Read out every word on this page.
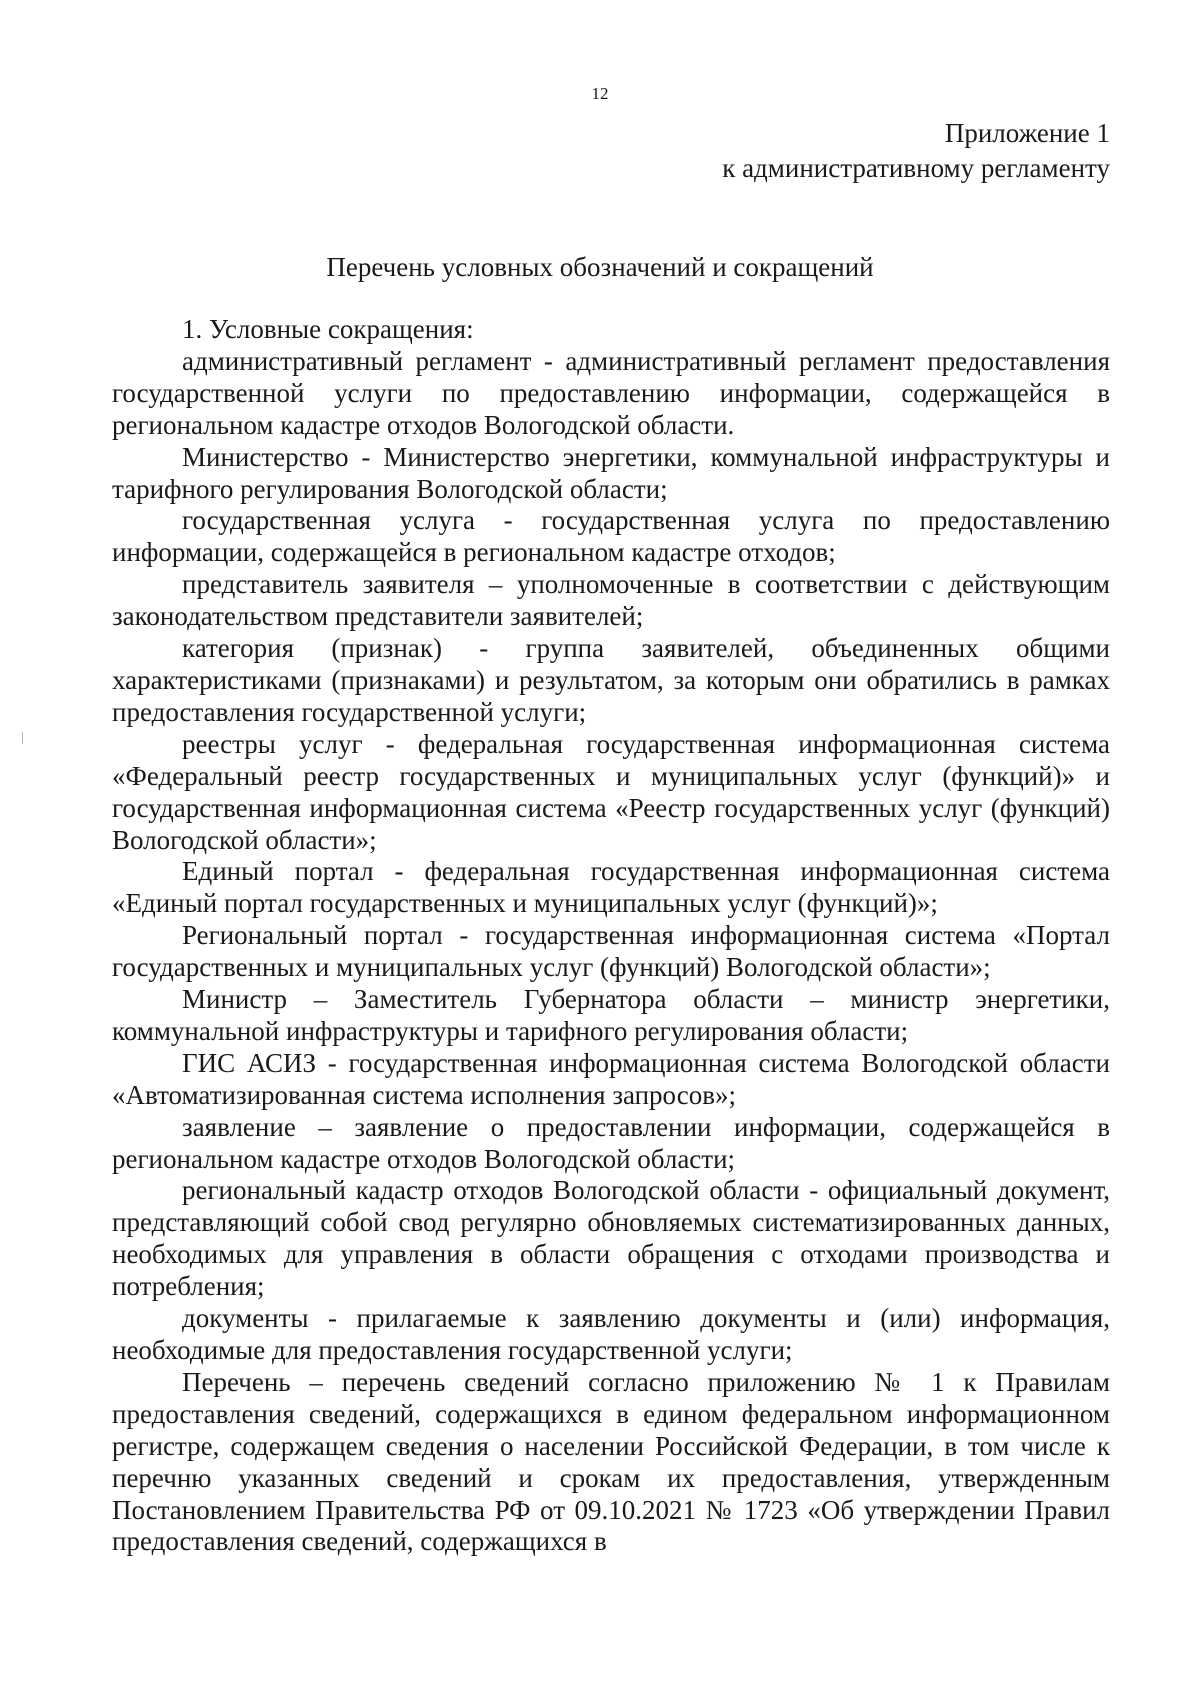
12
Приложение 1
к административному регламенту
Перечень условных обозначений и сокращений

1. Условные сокращения:

административный регламент - административный регламент предоставления государственной услуги по предоставлению информации, содержащейся в региональном кадастре отходов Вологодской области.

Министерство - Министерство энергетики, коммунальной инфраструктуры и тарифного регулирования Вологодской области;

государственная услуга - государственная услуга по предоставлению информации, содержащейся в региональном кадастре отходов;

представитель заявителя – уполномоченные в соответствии с действующим законодательством представители заявителей;

категория (признак) - группа заявителей, объединенных общими характеристиками (признаками) и результатом, за которым они обратились в рамках предоставления государственной услуги;

реестры услуг - федеральная государственная информационная система «Федеральный реестр государственных и муниципальных услуг (функций)» и государственная информационная система «Реестр государственных услуг (функций) Вологодской области»;

Единый портал - федеральная государственная информационная система «Единый портал государственных и муниципальных услуг (функций)»;

Региональный портал - государственная информационная система «Портал государственных и муниципальных услуг (функций) Вологодской области»;

Министр – Заместитель Губернатора области – министр энергетики, коммунальной инфраструктуры и тарифного регулирования области;

ГИС АСИЗ - государственная информационная система Вологодской области «Автоматизированная система исполнения запросов»;

заявление – заявление о предоставлении информации, содержащейся в региональном кадастре отходов Вологодской области;

региональный кадастр отходов Вологодской области - официальный документ, представляющий собой свод регулярно обновляемых систематизированных данных, необходимых для управления в области обращения с отходами производства и потребления;

документы - прилагаемые к заявлению документы и (или) информация, необходимые для предоставления государственной услуги;

Перечень – перечень сведений согласно приложению № 1 к Правилам предоставления сведений, содержащихся в едином федеральном информационном регистре, содержащем сведения о населении Российской Федерации, в том числе к перечню указанных сведений и срокам их предоставления, утвержденным Постановлением Правительства РФ от 09.10.2021 № 1723 «Об утверждении Правил предоставления сведений, содержащихся в
